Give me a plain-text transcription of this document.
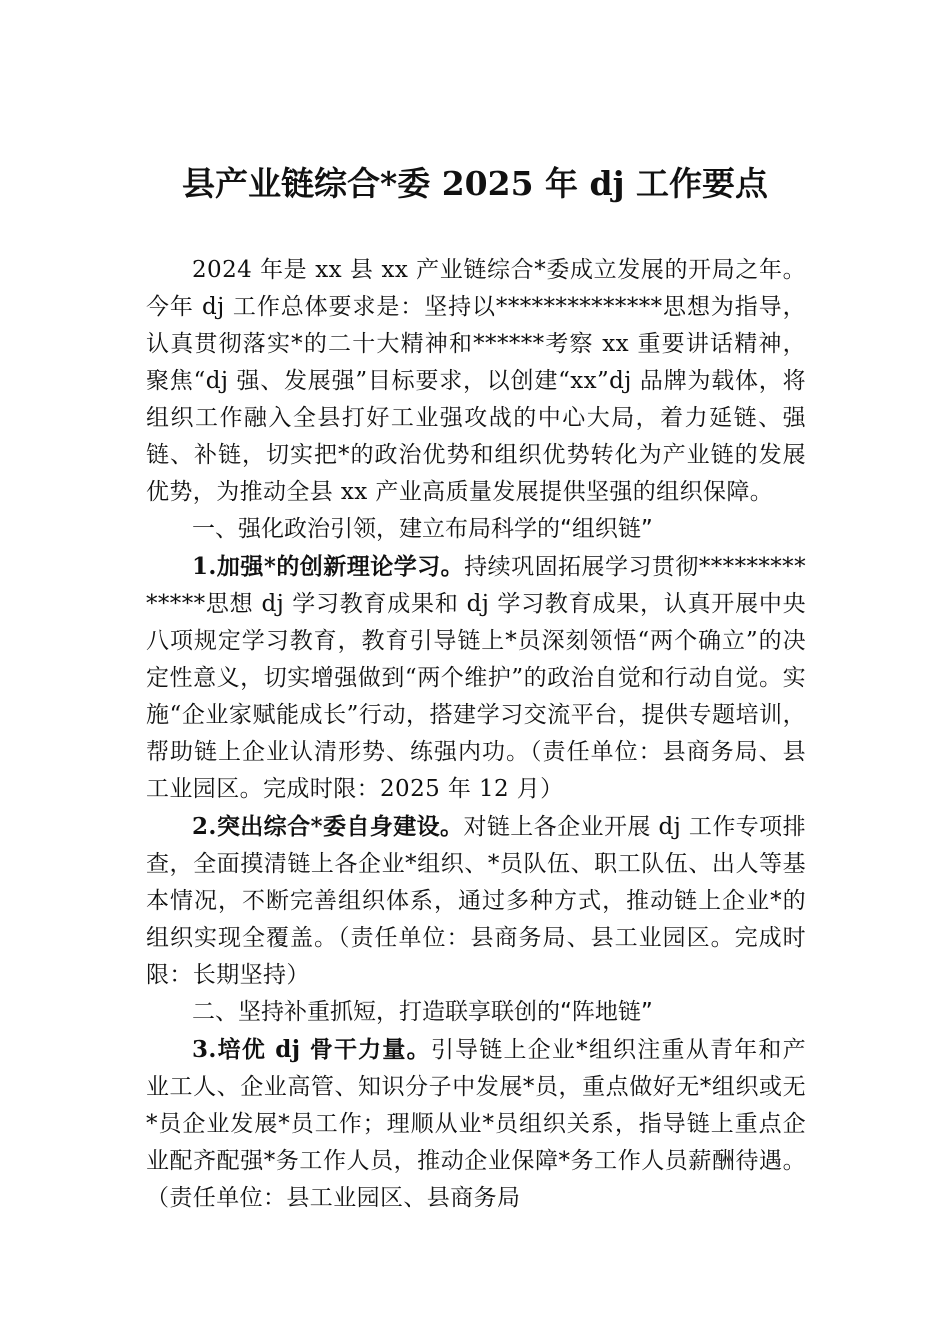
县产业链综合*委 2025 年 dj 工作要点

2024 年是 xx 县 xx 产业链综合*委成立发展的开局之年。今年 dj 工作总体要求是：坚持以**************思想为指导，认真贯彻落实*的二十大精神和******考察 xx 重要讲话精神，聚焦“dj 强、发展强”目标要求，以创建“xx”dj 品牌为载体，将组织工作融入全县打好工业强攻战的中心大局，着力延链、强链、补链，切实把*的政治优势和组织优势转化为产业链的发展优势，为推动全县 xx 产业高质量发展提供坚强的组织保障。

一、强化政治引领，建立布局科学的“组织链”

1.加强*的创新理论学习。持续巩固拓展学习贯彻**************思想 dj 学习教育成果和 dj 学习教育成果，认真开展中央八项规定学习教育，教育引导链上*员深刻领悟“两个确立”的决定性意义，切实增强做到“两个维护”的政治自觉和行动自觉。实施“企业家赋能成长”行动，搭建学习交流平台，提供专题培训，帮助链上企业认清形势、练强内功。（责任单位：县商务局、县工业园区。完成时限：2025 年 12 月）

2.突出综合*委自身建设。对链上各企业开展 dj 工作专项排查，全面摸清链上各企业*组织、*员队伍、职工队伍、出人等基本情况，不断完善组织体系，通过多种方式，推动链上企业*的组织实现全覆盖。（责任单位：县商务局、县工业园区。完成时限：长期坚持）

二、坚持补重抓短，打造联享联创的“阵地链”

3.培优 dj 骨干力量。引导链上企业*组织注重从青年和产业工人、企业高管、知识分子中发展*员，重点做好无*组织或无*员企业发展*员工作；理顺从业*员组织关系，指导链上重点企业配齐配强*务工作人员，推动企业保障*务工作人员薪酬待遇。（责任单位：县工业园区、县商务局
